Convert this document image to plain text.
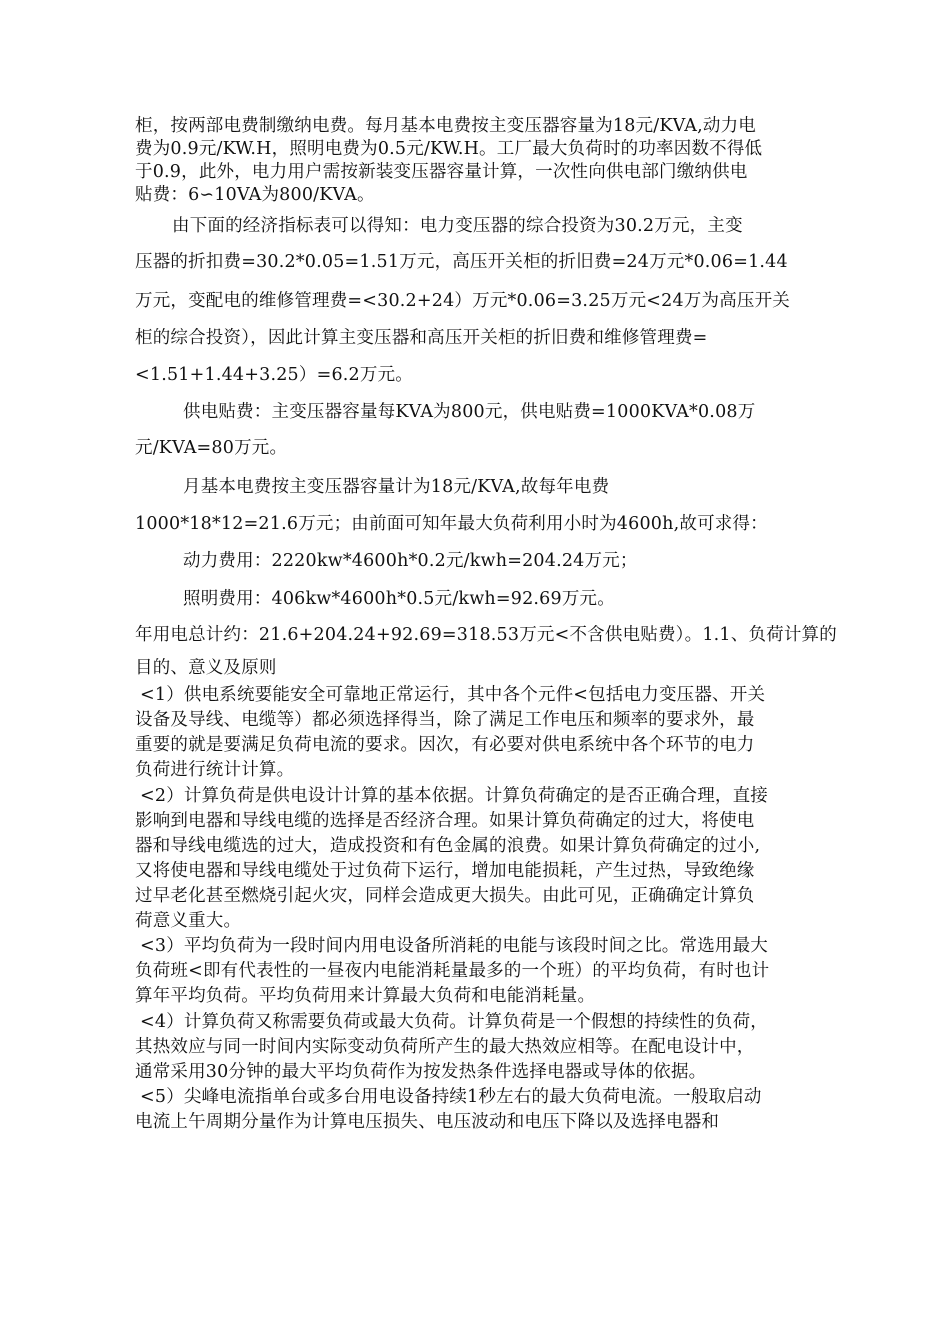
柜，按两部电费制缴纳电费。每月基本电费按主变压器容量为18元/KVA,动力电
费为0.9元/KW.H，照明电费为0.5元/KW.H。工厂最大负荷时的功率因数不得低
于0.9，此外，电力用户需按新装变压器容量计算，一次性向供电部门缴纳供电
贴费：6∽10VA为800/KVA。
由下面的经济指标表可以得知：电力变压器的综合投资为30.2万元，主变
压器的折扣费=30.2*0.05=1.51万元，高压开关柜的折旧费=24万元*0.06=1.44
万元，变配电的维修管理费=<30.2+24）万元*0.06=3.25万元<24万为高压开关
柜的综合投资），因此计算主变压器和高压开关柜的折旧费和维修管理费=
<1.51+1.44+3.25）=6.2万元。
供电贴费：主变压器容量每KVA为800元，供电贴费=1000KVA*0.08万
元/KVA=80万元。
月基本电费按主变压器容量计为18元/KVA,故每年电费
1000*18*12=21.6万元；由前面可知年最大负荷利用小时为4600h,故可求得：
动力费用：2220kw*4600h*0.2元/kwh=204.24万元；
照明费用：406kw*4600h*0.5元/kwh=92.69万元。
年用电总计约：21.6+204.24+92.69=318.53万元<不含供电贴费）。1.1、负荷计算的
目的、意义及原则
<1）供电系统要能安全可靠地正常运行，其中各个元件<包括电力变压器、开关
设备及导线、电缆等）都必须选择得当，除了满足工作电压和频率的要求外，最
重要的就是要满足负荷电流的要求。因次，有必要对供电系统中各个环节的电力
负荷进行统计计算。
<2）计算负荷是供电设计计算的基本依据。计算负荷确定的是否正确合理，直接
影响到电器和导线电缆的选择是否经济合理。如果计算负荷确定的过大，将使电
器和导线电缆选的过大，造成投资和有色金属的浪费。如果计算负荷确定的过小,
又将使电器和导线电缆处于过负荷下运行，增加电能损耗，产生过热，导致绝缘
过早老化甚至燃烧引起火灾，同样会造成更大损失。由此可见，正确确定计算负
荷意义重大。
<3）平均负荷为一段时间内用电设备所消耗的电能与该段时间之比。常选用最大
负荷班<即有代表性的一昼夜内电能消耗量最多的一个班）的平均负荷，有时也计
算年平均负荷。平均负荷用来计算最大负荷和电能消耗量。
<4）计算负荷又称需要负荷或最大负荷。计算负荷是一个假想的持续性的负荷，
其热效应与同一时间内实际变动负荷所产生的最大热效应相等。在配电设计中，
通常采用30分钟的最大平均负荷作为按发热条件选择电器或导体的依据。
<5）尖峰电流指单台或多台用电设备持续1秒左右的最大负荷电流。一般取启动
电流上午周期分量作为计算电压损失、电压波动和电压下降以及选择电器和
